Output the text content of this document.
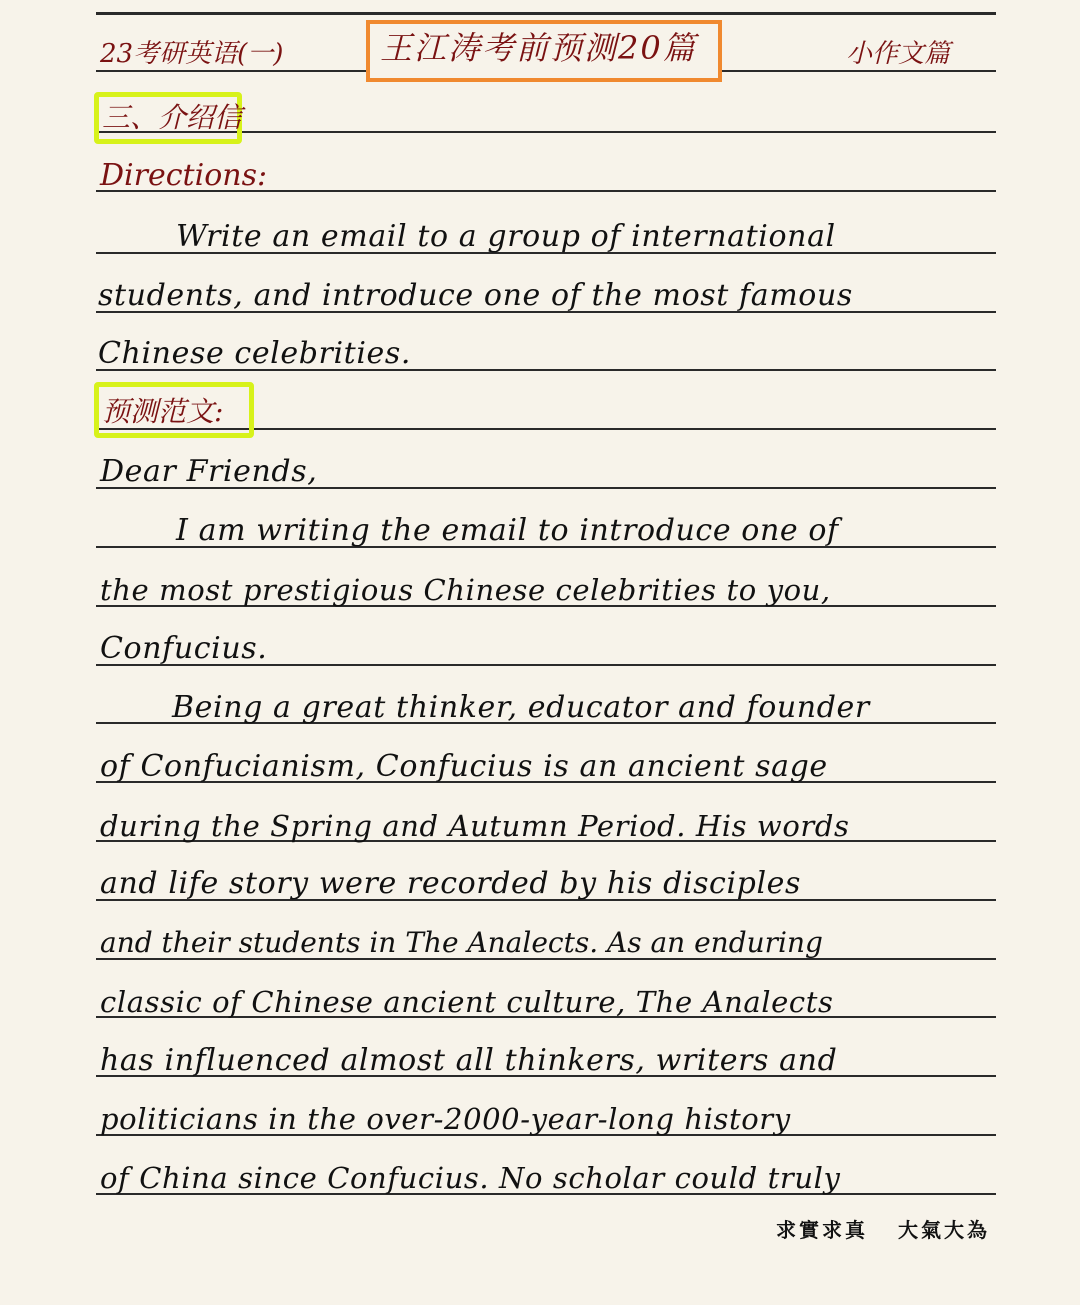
23考研英语(一)	王江涛考前预测20篇	小作文篇
三、介绍信
Directions:
Write an email to a group of international
students, and introduce one of the most famous
Chinese celebrities.
预测范文:
Dear Friends,
I am writing the email to introduce one of
the most prestigious Chinese celebrities to you,
Confucius.
Being a great thinker, educator and founder
of Confucianism, Confucius is an ancient sage
during the Spring and Autumn Period. His words
and life story were recorded by his disciples
and their students in The Analects. As an enduring
classic of Chinese ancient culture, The Analects
has influenced almost all thinkers, writers and
politicians in the over-2000-year-long history
of China since Confucius. No scholar could truly
求實求真 大氣大為
